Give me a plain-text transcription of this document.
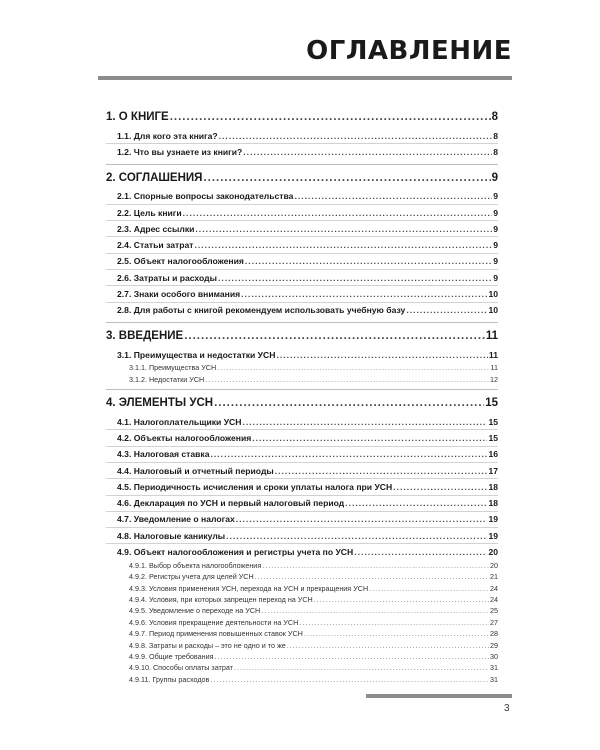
ОГЛАВЛЕНИЕ
1. О КНИГЕ .....	8
1.1. Для кого эта книга? .....	8
1.2. Что вы узнаете из книги? .....	8
2. СОГЛАШЕНИЯ .....	9
2.1. Спорные вопросы законодательства .....	9
2.2. Цель книги .....	9
2.3. Адрес ссылки .....	9
2.4. Статьи затрат .....	9
2.5. Объект налогообложения .....	9
2.6. Затраты и расходы .....	9
2.7. Знаки особого внимания .....	10
2.8. Для работы с книгой рекомендуем использовать учебную базу .....	10
3. ВВЕДЕНИЕ .....	11
3.1. Преимущества и недостатки УСН .....	11
3.1.1. Преимущества УСН .....	11
3.1.2. Недостатки УСН .....	12
4. ЭЛЕМЕНТЫ УСН .....	15
4.1. Налогоплательщики УСН .....	15
4.2. Объекты налогообложения .....	15
4.3. Налоговая ставка .....	16
4.4. Налоговый и отчетный периоды .....	17
4.5. Периодичность исчисления и сроки уплаты налога при УСН .....	18
4.6. Декларация по УСН и первый налоговый период .....	18
4.7. Уведомление о налогах .....	19
4.8. Налоговые каникулы .....	19
4.9. Объект налогообложения и регистры учета по УСН .....	20
4.9.1. Выбор объекта налогообложения .....	20
4.9.2. Регистры учета для целей УСН .....	21
4.9.3. Условия применения УСН, перехода на УСН и прекращения УСН .....	24
4.9.4. Условия, при которых запрещен переход на УСН .....	24
4.9.5. Уведомление о переходе на УСН .....	25
4.9.6. Условия прекращение деятельности на УСН .....	27
4.9.7. Период применения повышенных ставок УСН .....	28
4.9.8. Затраты и расходы – это не одно и то же .....	29
4.9.9. Общие требования .....	30
4.9.10. Способы оплаты затрат .....	31
4.9.11. Группы расходов .....	31
3
